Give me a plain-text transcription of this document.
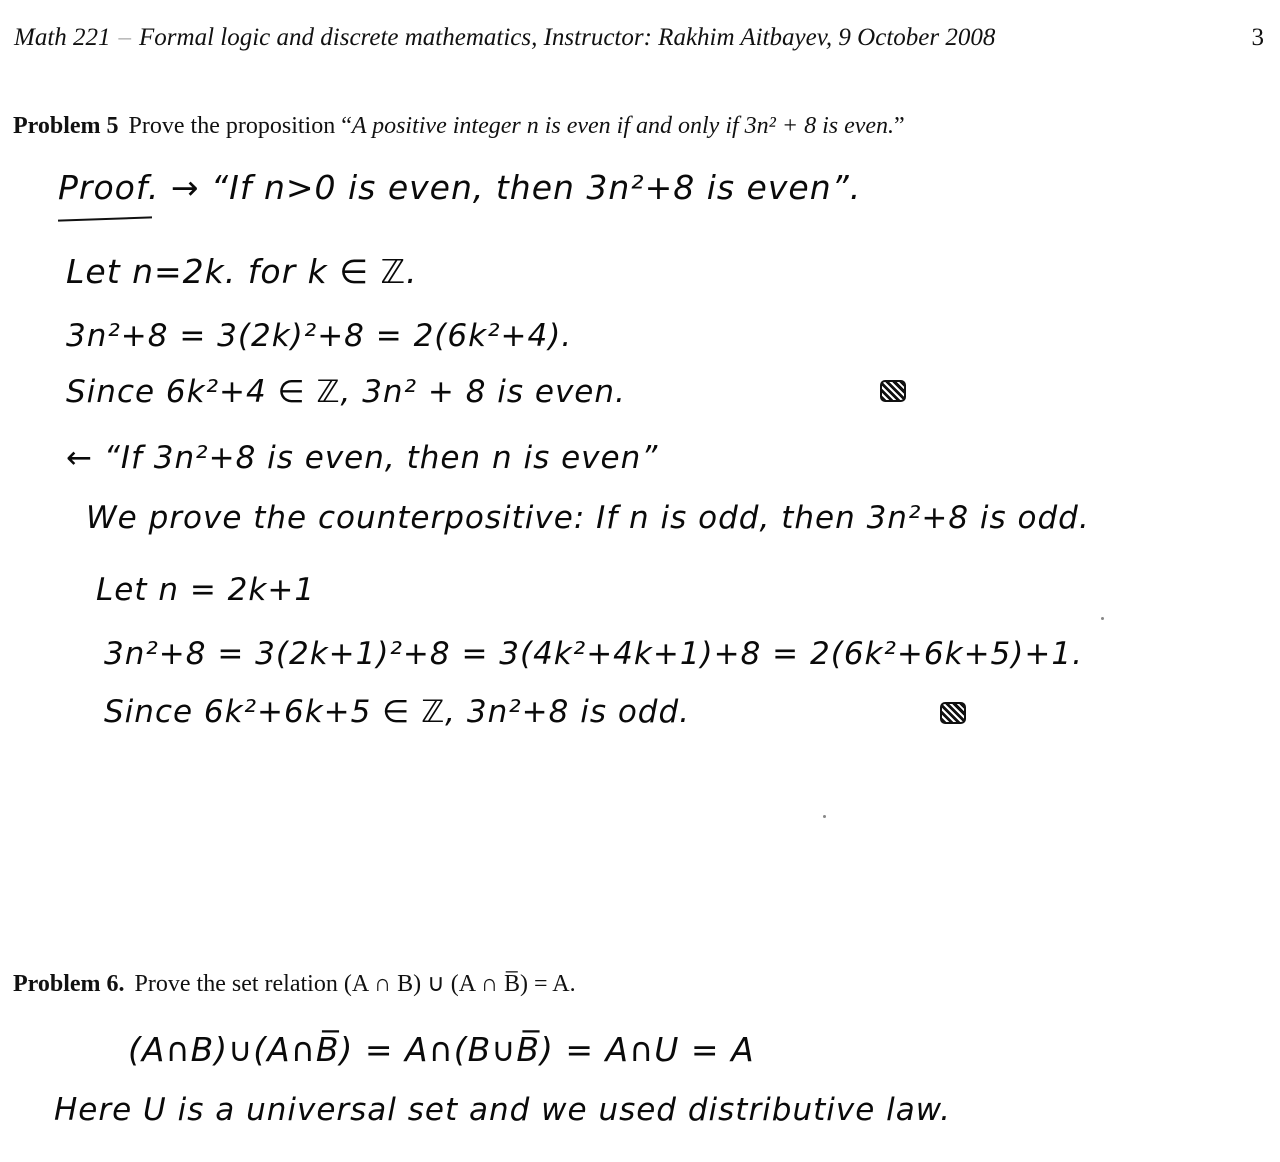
Math 221 – Formal logic and discrete mathematics, Instructor: Rakhim Aitbayev, 9 October 2008	3
Problem 5 Prove the proposition “A positive integer n is even if and only if 3n² + 8 is even.”
Proof. → “If n>0 is even, then 3n²+8 is even”.
Let n=2k. for k ∈ ℤ.
3n²+8 = 3(2k)²+8 = 2(6k²+4).
Since 6k²+4 ∈ ℤ, 3n² + 8 is even.
← “If 3n²+8 is even, then n is even”
We prove the counterpositive: If n is odd, then 3n²+8 is odd.
Let n = 2k+1
3n²+8 = 3(2k+1)²+8 = 3(4k²+4k+1)+8 = 2(6k²+6k+5)+1.
Since 6k²+6k+5 ∈ ℤ, 3n²+8 is odd.
Problem 6. Prove the set relation (A ∩ B) ∪ (A ∩ B̅) = A.
(A∩B)∪(A∩B̅) = A∩(B∪B̅) = A∩U = A
Here U is a universal set and we used distributive law.
